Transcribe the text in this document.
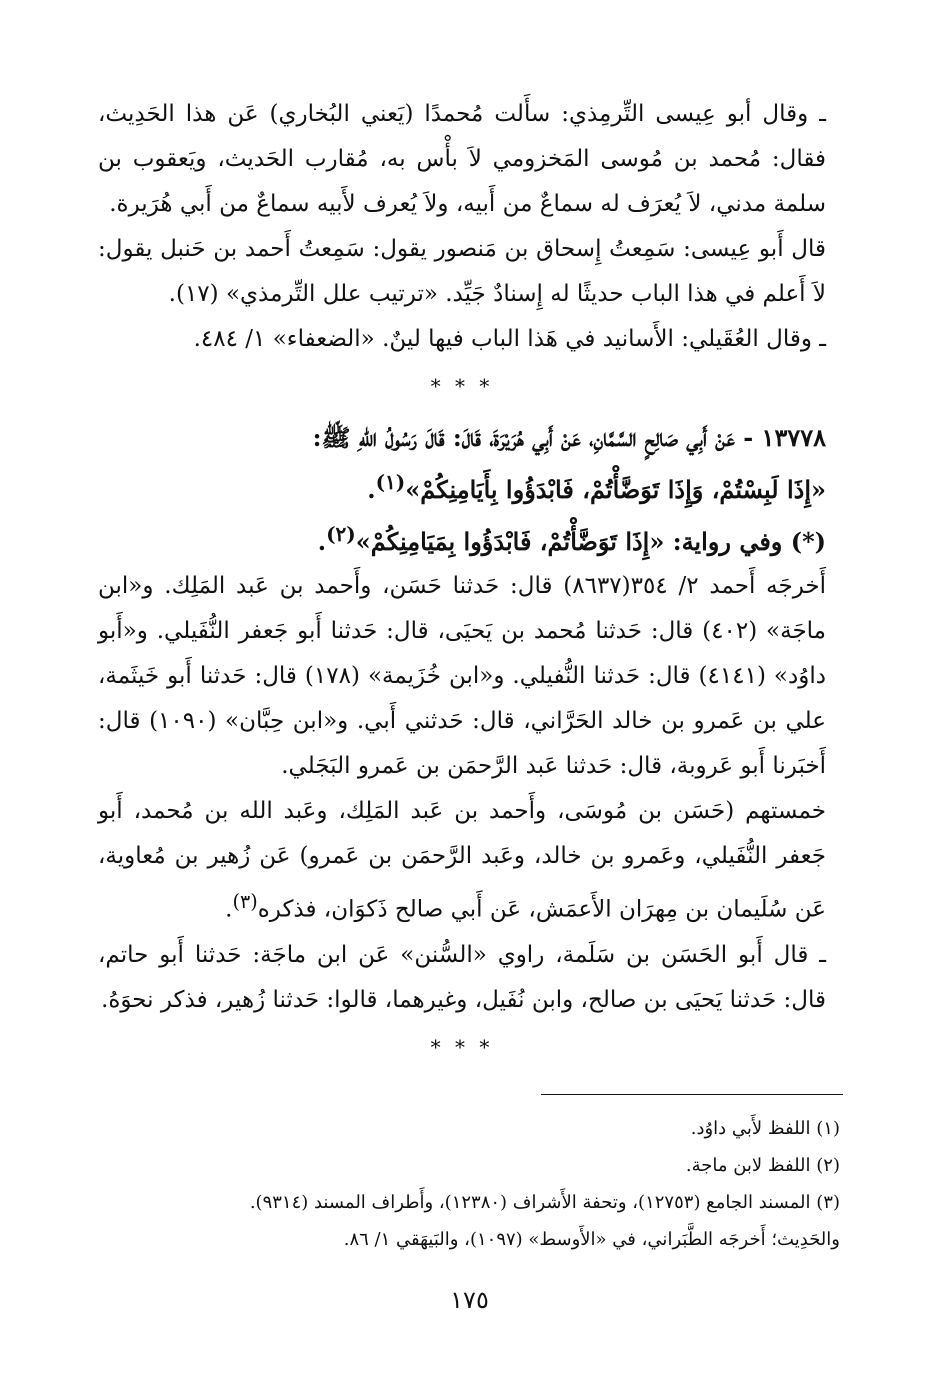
ـ وقال أبو عِيسى التِّرمِذي: سأَلت مُحمدًا (يَعني البُخاري) عَن هذا الحَدِيث، فقال: مُحمد بن مُوسى المَخزومي لاَ بأْس به، مُقارب الحَديث، ويَعقوب بن سلمة مدني، لاَ يُعرَف له سماعٌ من أَبيه، ولاَ يُعرف لأَبيه سماعٌ من أَبي هُرَيرة.

قال أَبو عِيسى: سَمِعتُ إِسحاق بن مَنصور يقول: سَمِعتُ أَحمد بن حَنبل يقول: لاَ أَعلم في هذا الباب حديثًا له إِسنادٌ جَيِّد. «ترتيب علل التِّرمذي» (١٧).

ـ وقال العُقَيلي: الأَسانيد في هَذا الباب فيها لينٌ. «الضعفاء» ١/ ٤٨٤.

* * *

١٣٧٧٨ - عَنْ أَبِي صَالِحٍ السَّمَّانِ، عَنْ أَبِي هُرَيْرَةَ، قَالَ: قَالَ رَسُولُ اللهِ ﷺ:

«إِذَا لَبِسْتُمْ، وَإِذَا تَوَضَّأْتُمْ، فَابْدَؤُوا بِأَيَامِنِكُمْ»$^{(١)}$.

(*) وفي رواية: «إِذَا تَوَضَّأْتُمْ، فَابْدَؤُوا بِمَيَامِنِكُمْ»$^{(٢)}$.

أَخرجَه أَحمد ٢/ ٣٥٤(٨٦٣٧) قال: حَدثنا حَسَن، وأَحمد بن عَبد المَلِك. و«ابن ماجَة» (٤٠٢) قال: حَدثنا مُحمد بن يَحيَى، قال: حَدثنا أَبو جَعفر النُّفَيلي. و«أَبو داوُد» (٤١٤١) قال: حَدثنا النُّفيلي. و«ابن خُزَيمة» (١٧٨) قال: حَدثنا أَبو خَيثَمة، علي بن عَمرو بن خالد الحَرَّاني، قال: حَدثني أَبي. و«ابن حِبَّان» (١٠٩٠) قال: أَخبَرنا أَبو عَروبة، قال: حَدثنا عَبد الرَّحمَن بن عَمرو البَجَلي.

خمستهم (حَسَن بن مُوسَى، وأَحمد بن عَبد المَلِك، وعَبد الله بن مُحمد، أَبو جَعفر النُّفَيلي، وعَمرو بن خالد، وعَبد الرَّحمَن بن عَمرو) عَن زُهير بن مُعاوية، عَن سُلَيمان بن مِهرَان الأَعمَش، عَن أَبي صالح ذَكوَان، فذكره$^{(٣)}$.

ـ قال أَبو الحَسَن بن سَلَمة، راوي «السُّنن» عَن ابن ماجَة: حَدثنا أَبو حاتم، قال: حَدثنا يَحيَى بن صالح، وابن نُفَيل، وغيرهما، قالوا: حَدثنا زُهير، فذكر نحوَهُ.

* * *

(١) اللفظ لأَبي داوُد.

(٢) اللفظ لابن ماجة.

(٣) المسند الجامع (١٢٧٥٣)، وتحفة الأَشراف (١٢٣٨٠)، وأَطراف المسند (٩٣١٤).

والحَدِيث؛ أَخرجَه الطَّبَراني، في «الأَوسط» (١٠٩٧)، والبَيهَقي ١/ ٨٦.

١٧٥
